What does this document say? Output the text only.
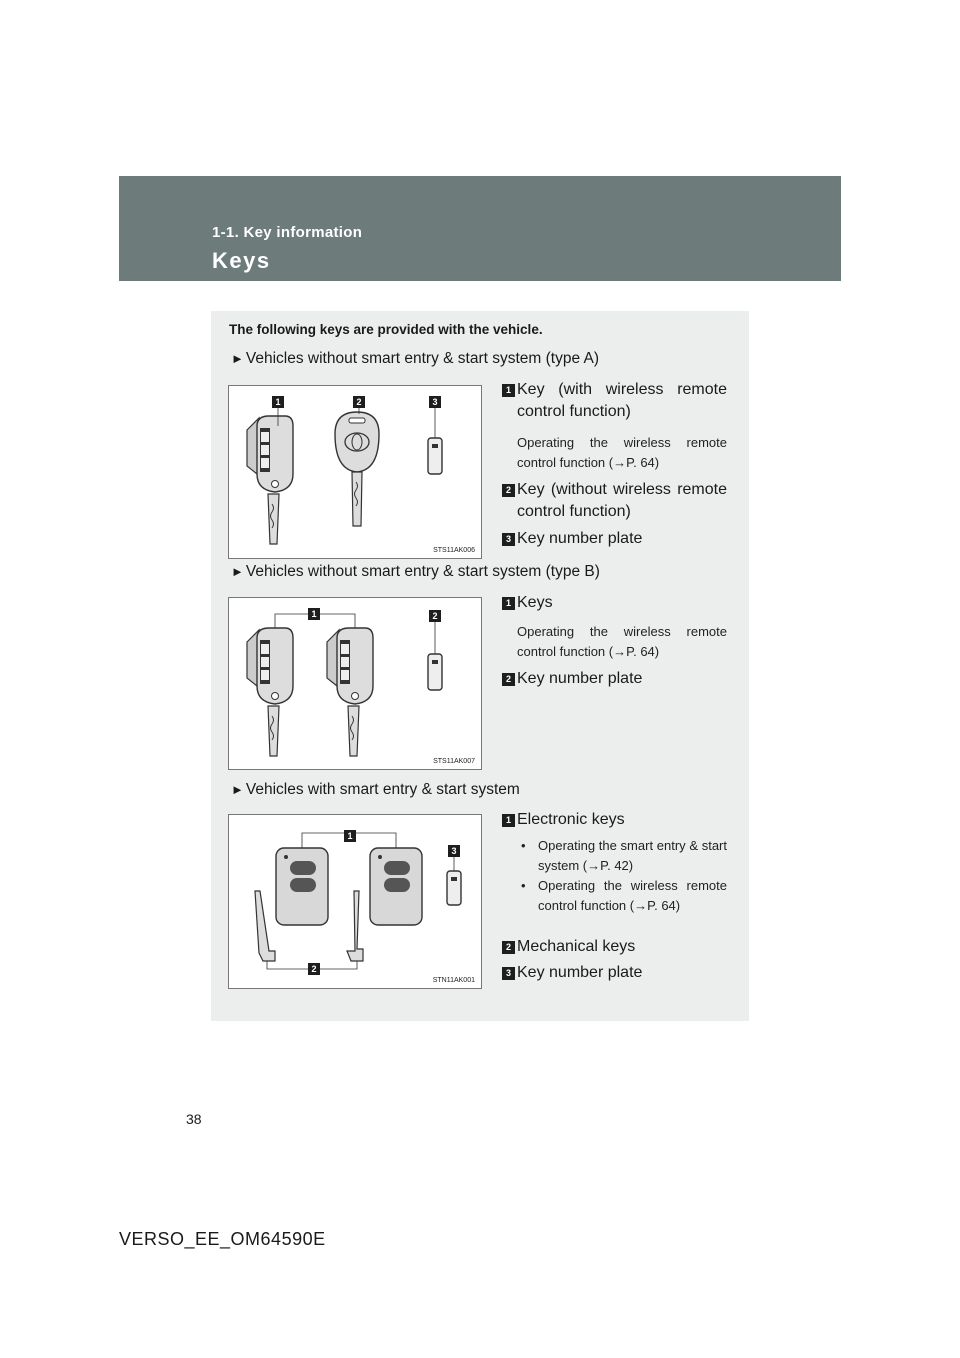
1-1. Key information
Keys
The following keys are provided with the vehicle.
► Vehicles without smart entry & start system (type A)
1	2	3
STS11AK006
1 Key (with wireless remote control function)
Operating the wireless remote control function (→P. 64)
2 Key (without wireless remote control function)
3 Key number plate
► Vehicles without smart entry & start system (type B)
1	2
STS11AK007
1 Keys
Operating the wireless remote control function (→P. 64)
2 Key number plate
► Vehicles with smart entry & start system
1
2
3
STN11AK001
1 Electronic keys
• Operating the smart entry & start system (→P. 42)
• Operating the wireless remote control function (→P. 64)
2 Mechanical keys
3 Key number plate
38
VERSO_EE_OM64590E
